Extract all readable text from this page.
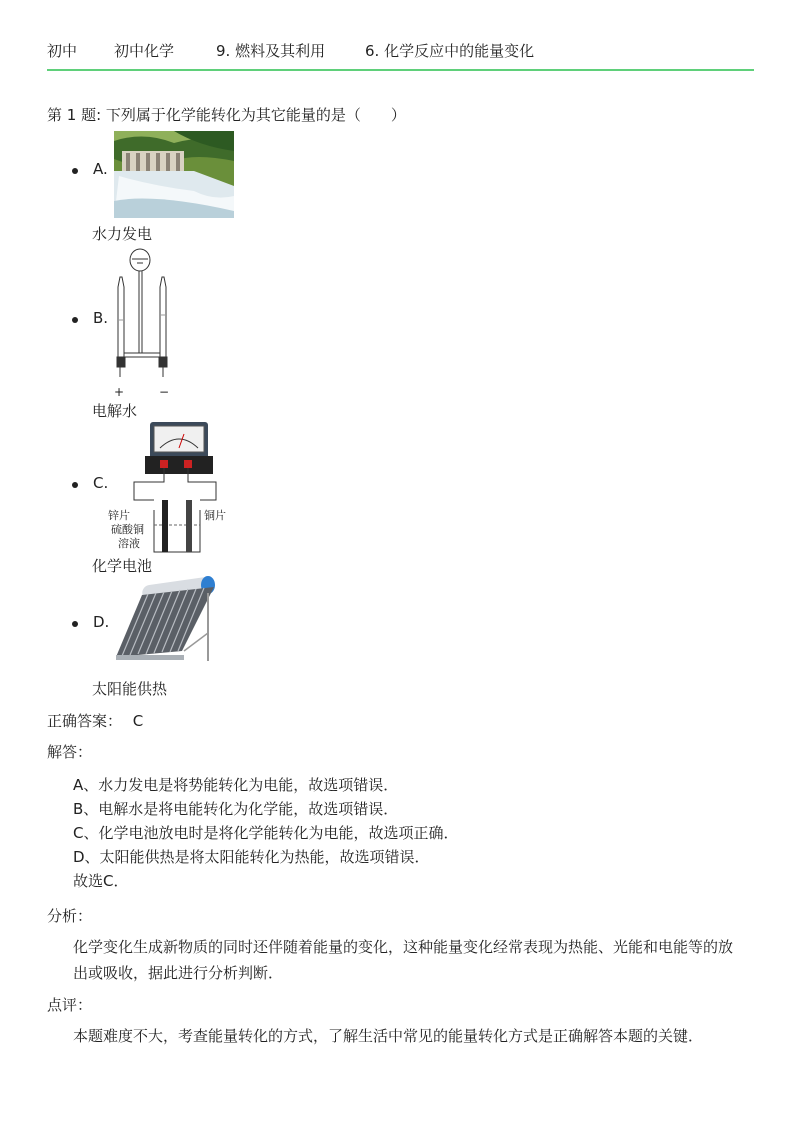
初中 初中化学	9. 燃料及其利用	6. 化学反应中的能量变化
第 1 题: 下列属于化学能转化为其它能量的是（　　）
A.
水力发电
B.
+	−
电解水
C.
锌片	铜片
硫酸铜
溶液
化学电池
D.
太阳能供热
正确答案： C
解答：
A、水力发电是将势能转化为电能，故选项错误．
B、电解水是将电能转化为化学能，故选项错误．
C、化学电池放电时是将化学能转化为电能，故选项正确．
D、太阳能供热是将太阳能转化为热能，故选项错误．
故选C．
分析：
化学变化生成新物质的同时还伴随着能量的变化，这种能量变化经常表现为热能、光能和电能等的放出或吸收，据此进行分析判断．
点评：
本题难度不大，考查能量转化的方式，了解生活中常见的能量转化方式是正确解答本题的关键．
